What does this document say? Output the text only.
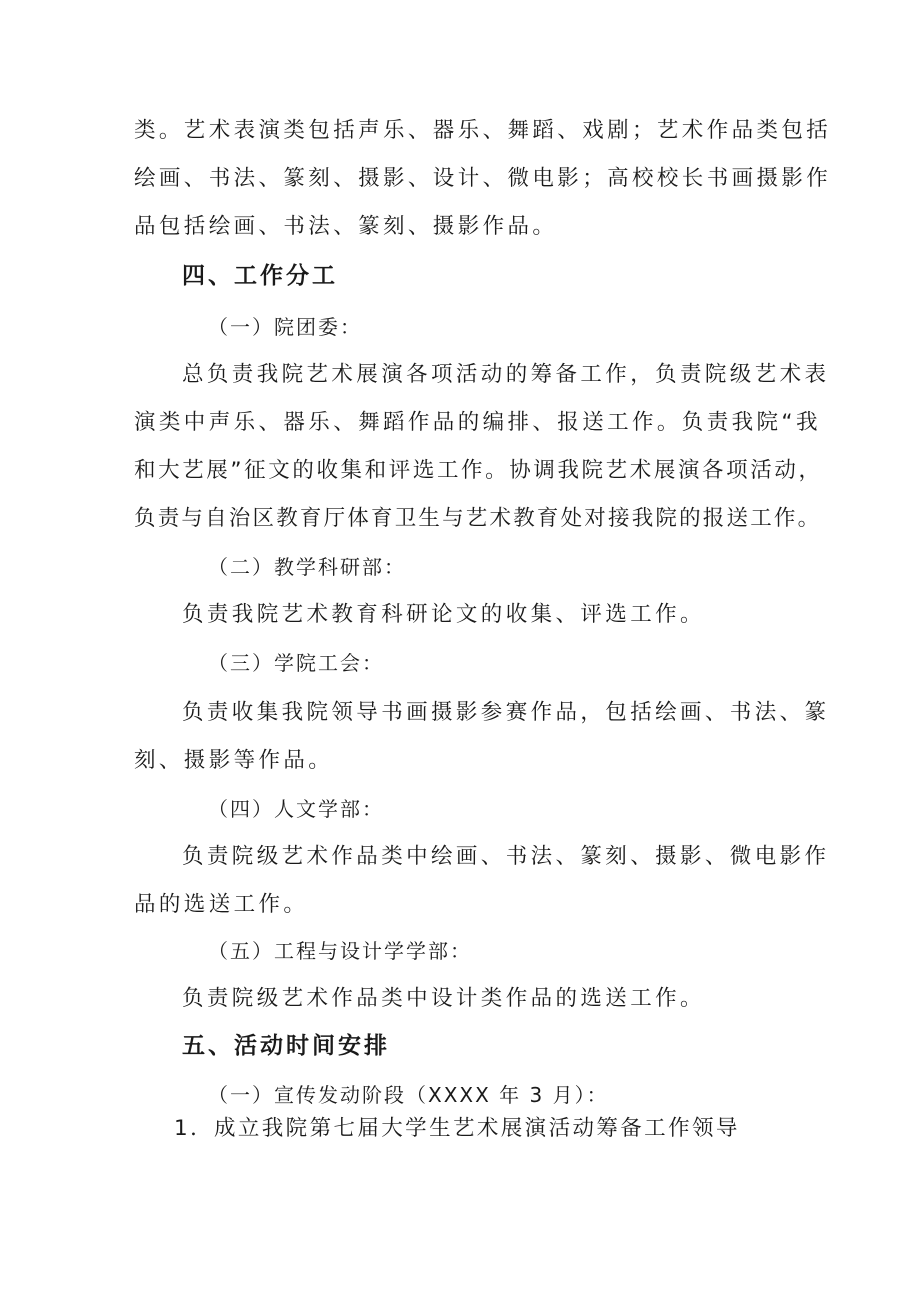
类。艺术表演类包括声乐、器乐、舞蹈、戏剧；艺术作品类包括
绘画、书法、篆刻、摄影、设计、微电影；高校校长书画摄影作
品包括绘画、书法、篆刻、摄影作品。
四、工作分工
（一）院团委：
总负责我院艺术展演各项活动的筹备工作，负责院级艺术表
演类中声乐、器乐、舞蹈作品的编排、报送工作。负责我院“我
和大艺展”征文的收集和评选工作。协调我院艺术展演各项活动，
负责与自治区教育厅体育卫生与艺术教育处对接我院的报送工作。
（二）教学科研部：
负责我院艺术教育科研论文的收集、评选工作。
（三）学院工会：
负责收集我院领导书画摄影参赛作品，包括绘画、书法、篆
刻、摄影等作品。
（四）人文学部：
负责院级艺术作品类中绘画、书法、篆刻、摄影、微电影作
品的选送工作。
（五）工程与设计学学部：
负责院级艺术作品类中设计类作品的选送工作。
五、活动时间安排
（一）宣传发动阶段（XXXX 年 3 月）：
1．成立我院第七届大学生艺术展演活动筹备工作领导
